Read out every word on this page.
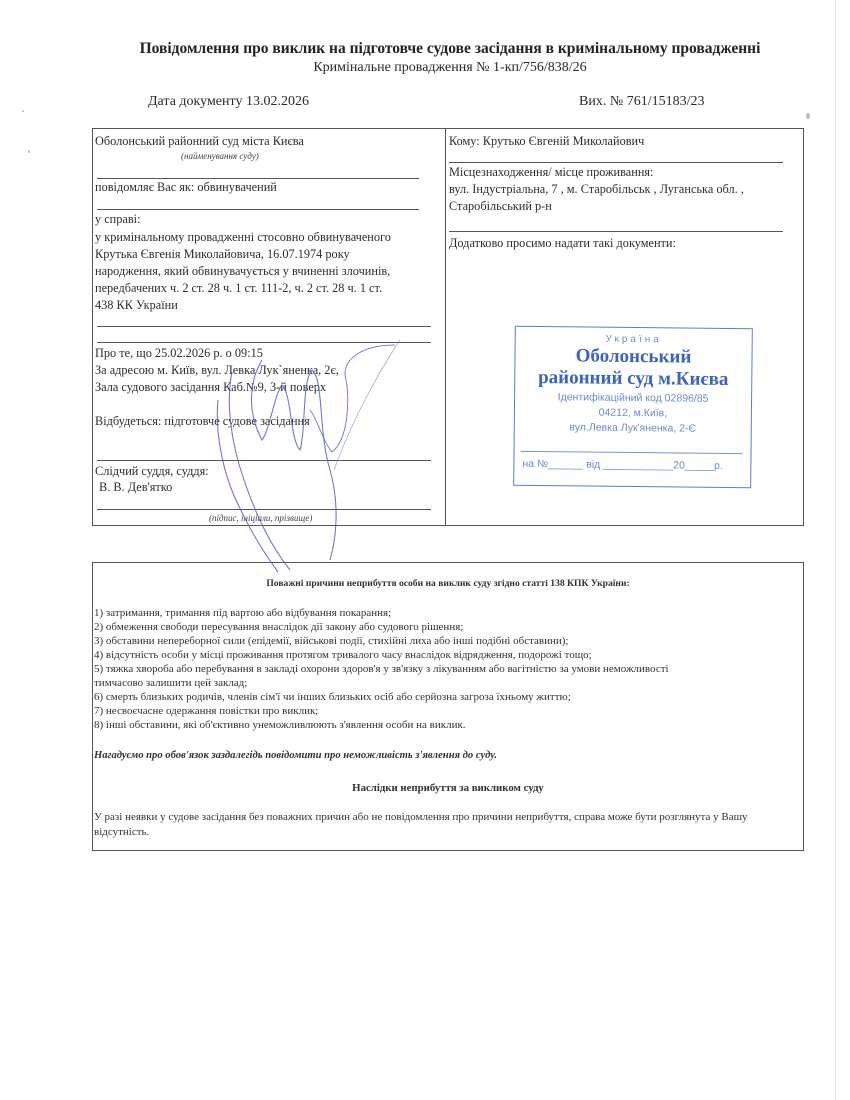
Повідомлення про виклик на підготовче судове засідання в кримінальному провадженні
Кримінальне провадження № 1-кп/756/838/26
Дата документу 13.02.2026	Вих. № 761/15183/23
Оболонський районний суд міста Києва
(найменування суду)
повідомляє Вас як: обвинувачений
у справі:
у кримінальному провадженні стосовно обвинуваченого
Крутька Євгенія Миколайовича, 16.07.1974 року
народження, який обвинувачується у вчиненні злочинів,
передбачених ч. 2 ст. 28 ч. 1 ст. 111-2, ч. 2 ст. 28 ч. 1 ст.
438 КК України
Про те, що 25.02.2026 р. о 09:15
За адресою м. Київ, вул. Левка Лук`яненка, 2є,
Зала судового засідання Каб.№9, 3-й поверх
Відбудеться: підготовче судове засідання
Слідчий суддя, суддя:
В. В. Дев'ятко
(підпис, ініціали, прізвище)
Кому: Крутько Євгеній Миколайович
Місцезнаходження/ місце проживання:
вул. Індустріальна, 7 , м. Старобільськ , Луганська обл. ,
Старобільський р-н
Додатково просимо надати такі документи:
Україна
Оболонський
районний суд м.Києва
Ідентифікаційний код 02896/85
04212, м.Київ,
вул.Левка Лук'яненка, 2-Є
на №______ від ____________20_____р.
Поважні причини неприбуття особи на виклик суду згідно статті 138 КПК України:
1) затримання, тримання під вартою або відбування покарання;
2) обмеження свободи пересування внаслідок дії закону або судового рішення;
3) обставини непереборної сили (епідемії, військові події, стихійні лиха або інші подібні обставини);
4) відсутність особи у місці проживання протягом тривалого часу внаслідок відрядження, подорожі тощо;
5) тяжка хвороба або перебування в закладі охорони здоров'я у зв'язку з лікуванням або вагітністю за умови неможливості
тимчасово залишити цей заклад;
6) смерть близьких родичів, членів сім'ї чи інших близьких осіб або серйозна загроза їхньому життю;
7) несвоєчасне одержання повістки про виклик;
8) інші обставини, які об'єктивно унеможливлюють з'явлення особи на виклик.
Нагадуємо про обов'язок заздалегідь повідомити про неможливість з'явлення до суду.
Наслідки неприбуття за викликом суду
У разі неявки у судове засідання без поважних причин або не повідомлення про причини неприбуття, справа може бути розглянута у Вашу відсутність.
